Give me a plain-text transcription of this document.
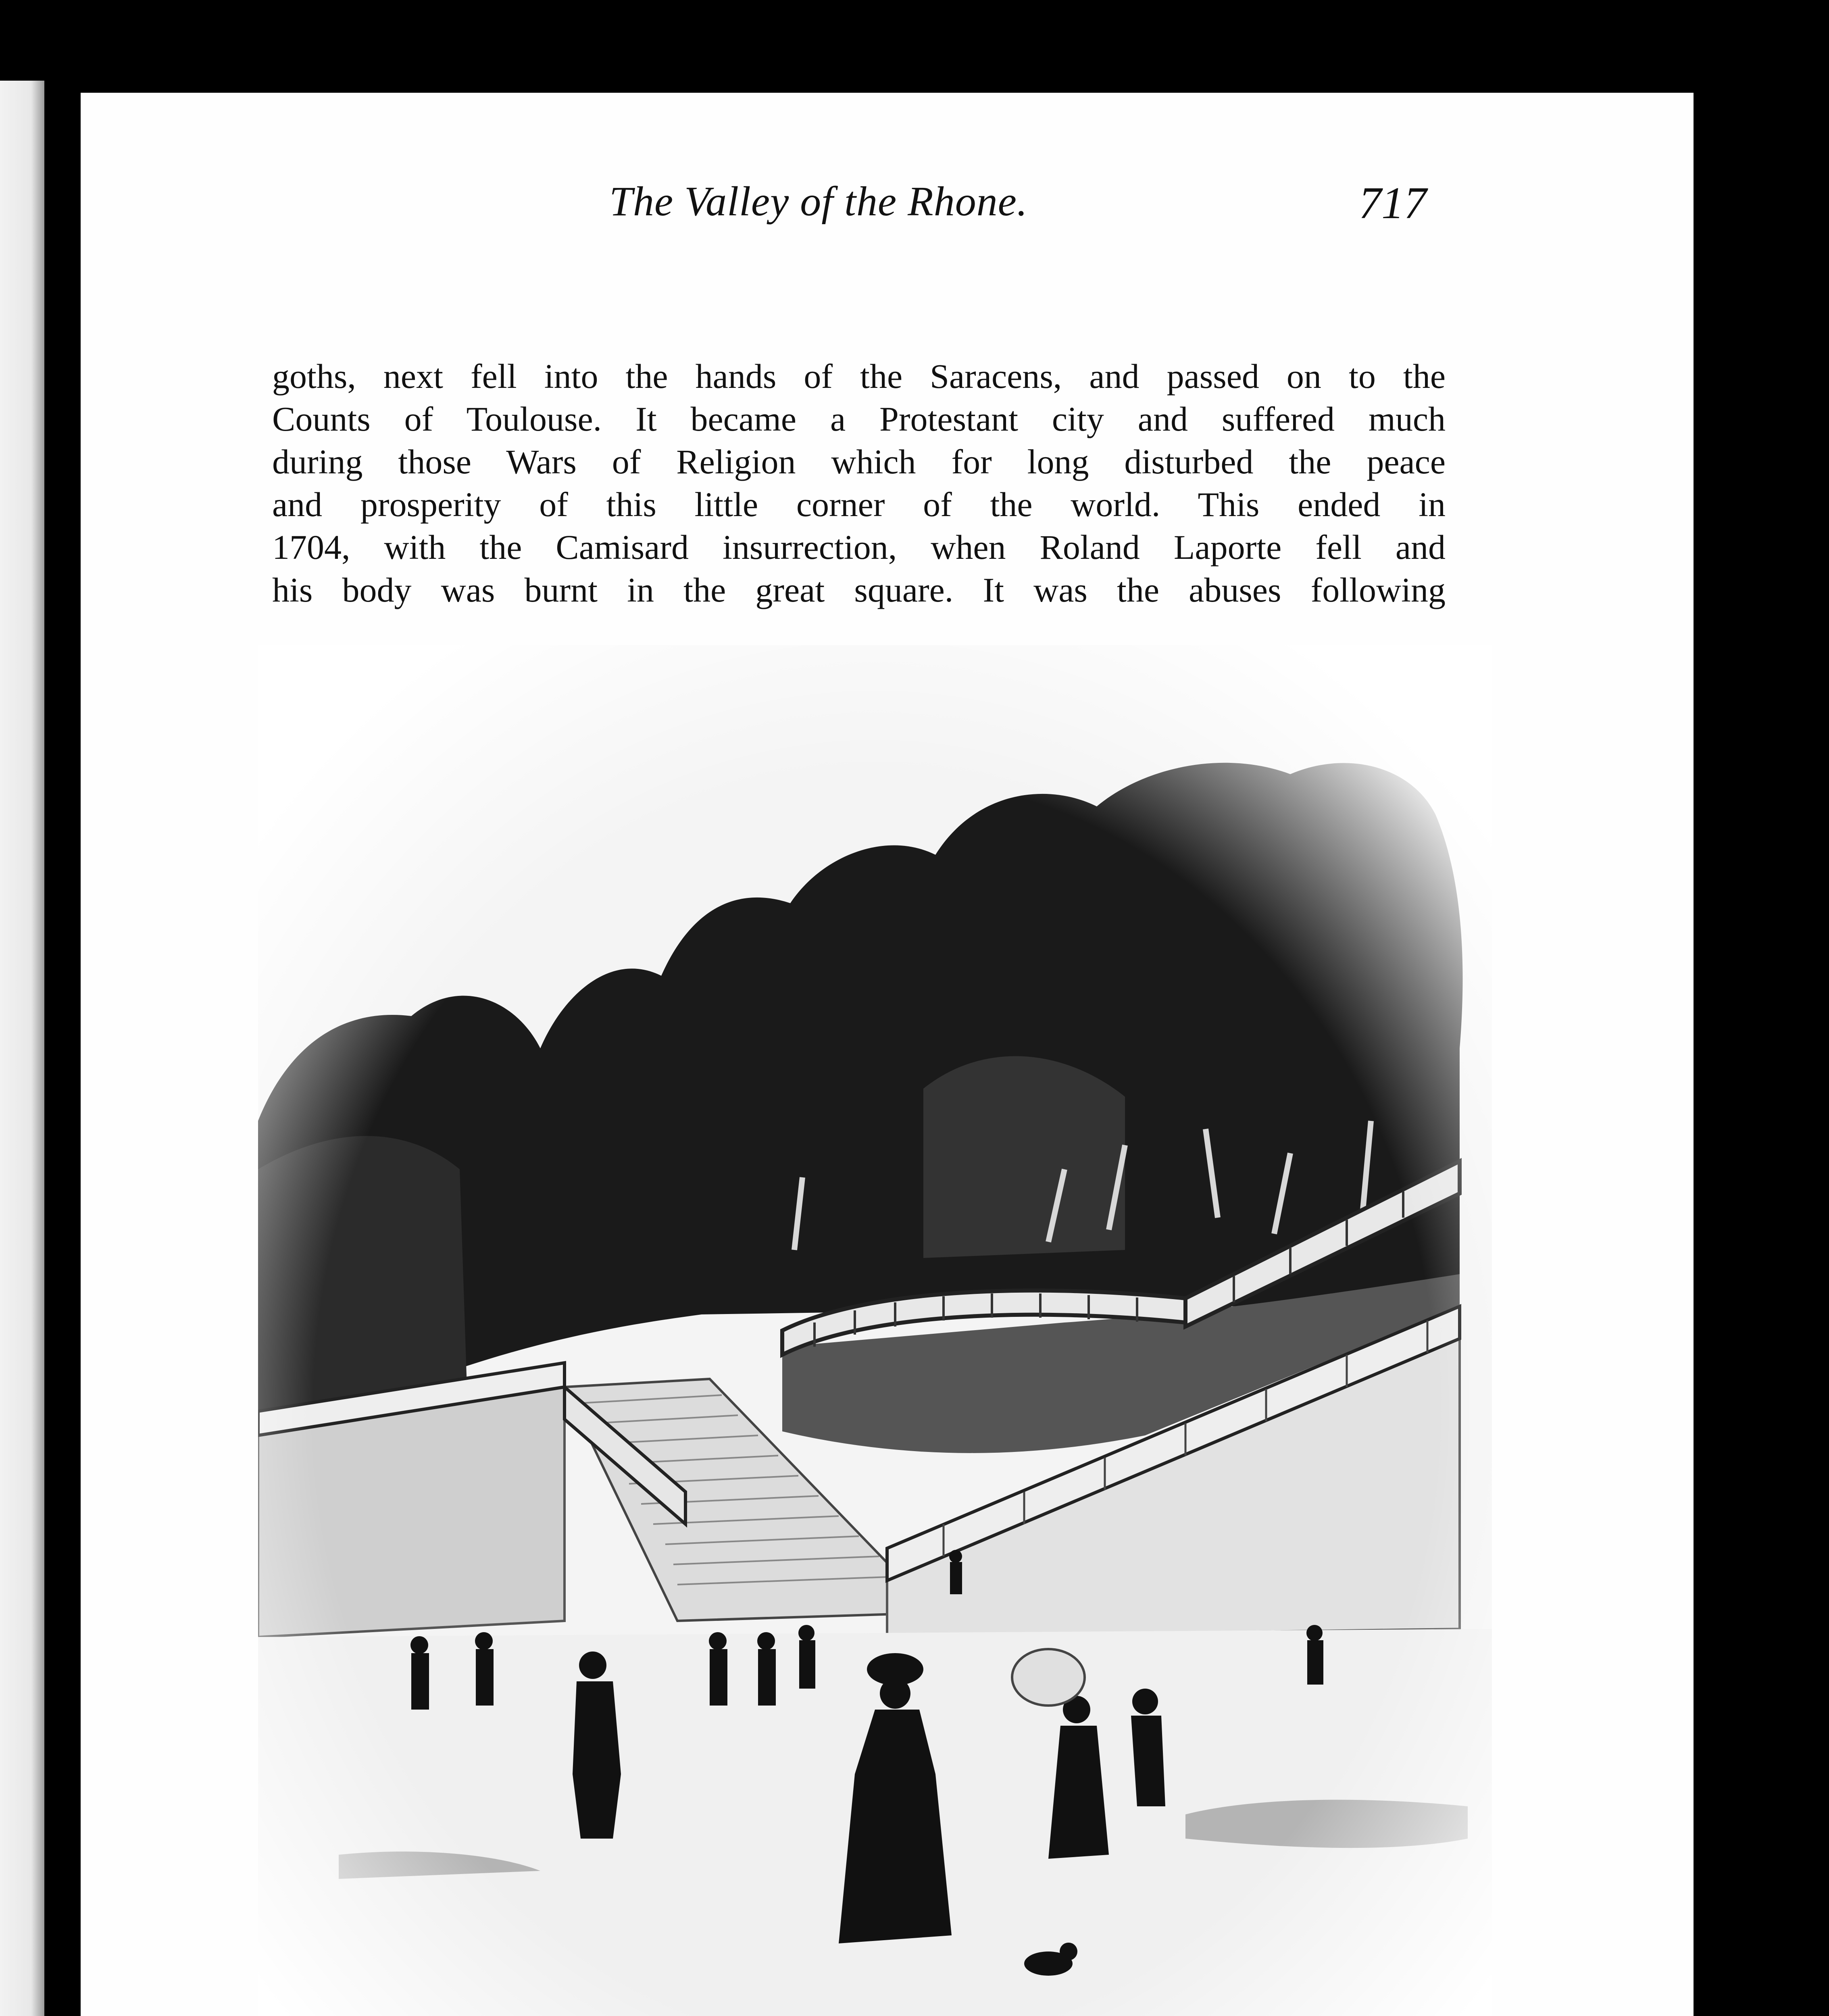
The Valley of the Rhone.	717
goths, next fell into the hands of the Saracens, and passed on to the
Counts of Toulouse. It became a Protestant city and suffered much
during those Wars of Religion which for long disturbed the peace
and prosperity of this little corner of the world. This ended in
1704, with the Camisard insurrection, when Roland Laporte fell and
his body was burnt in the great square. It was the abuses following
